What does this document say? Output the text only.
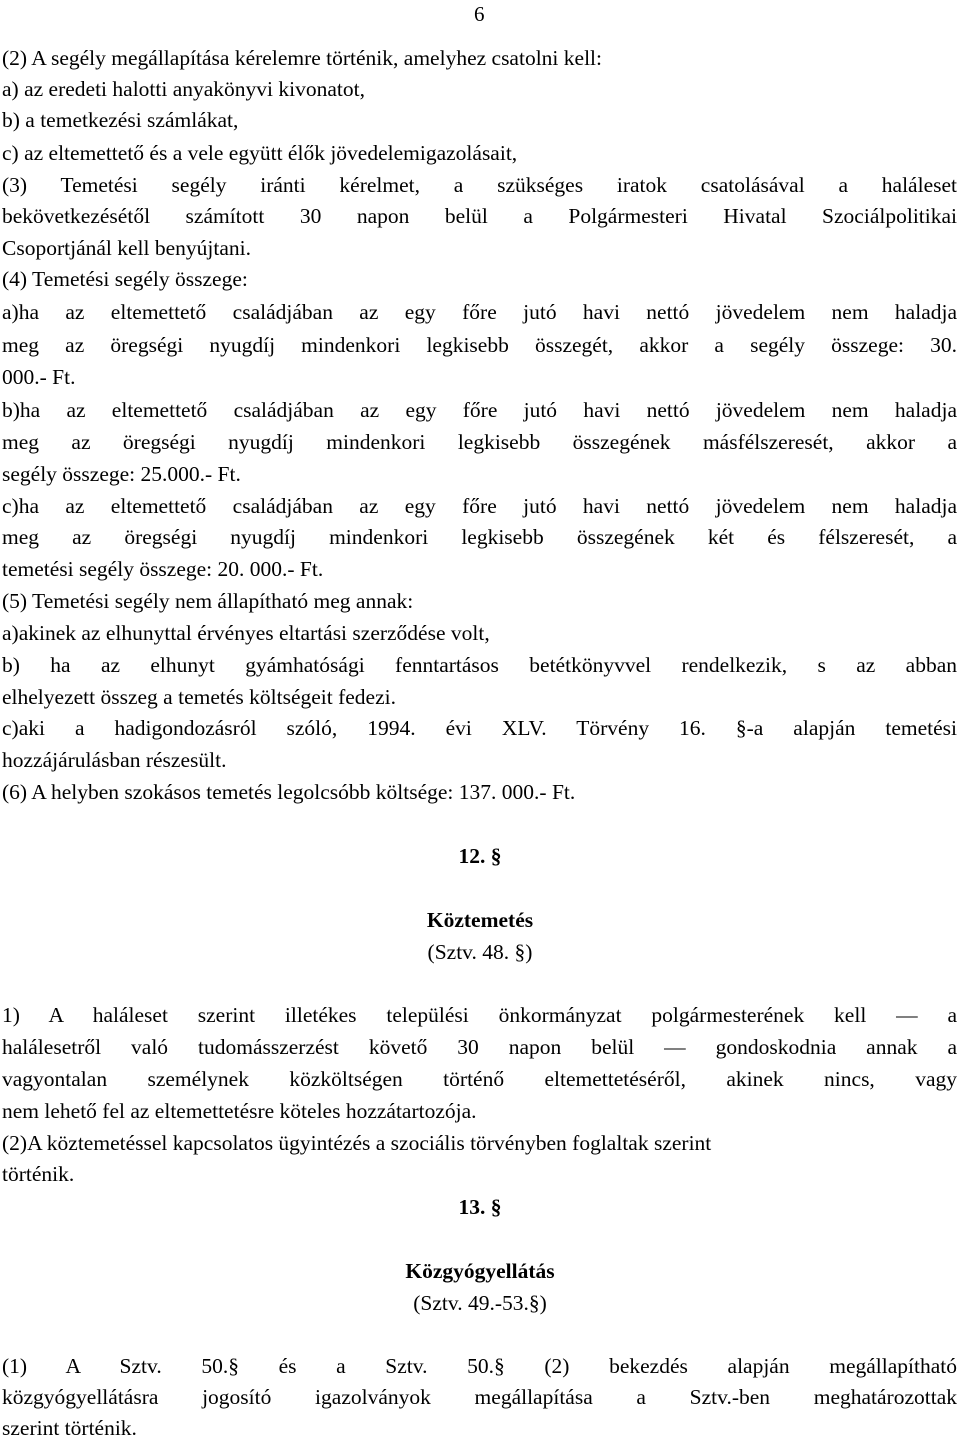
6
(2) A segély megállapítása kérelemre történik, amelyhez csatolni kell:
a) az eredeti halotti anyakönyvi kivonatot,
b) a temetkezési számlákat,
c) az eltemettető és a vele együtt élők jövedelemigazolásait,
(3) Temetési segély iránti kérelmet, a szükséges iratok csatolásával a haláleset
bekövetkezésétől számított 30 napon belül a Polgármesteri Hivatal Szociálpolitikai
Csoportjánál kell benyújtani.
(4) Temetési segély összege:
a)ha az eltemettető családjában az egy főre jutó havi nettó jövedelem nem haladja
meg az öregségi nyugdíj mindenkori legkisebb összegét, akkor a segély összege: 30.
000.- Ft.
b)ha az eltemettető családjában az egy főre jutó havi nettó jövedelem nem haladja
meg az öregségi nyugdíj mindenkori legkisebb összegének másfélszeresét, akkor a
segély összege: 25.000.- Ft.
c)ha az eltemettető családjában az egy főre jutó havi nettó jövedelem nem haladja
meg az öregségi nyugdíj mindenkori legkisebb összegének két és félszeresét, a
temetési segély összege: 20. 000.- Ft.
(5) Temetési segély nem állapítható meg annak:
a)akinek az elhunyttal érvényes eltartási szerződése volt,
b) ha az elhunyt gyámhatósági fenntartásos betétkönyvvel rendelkezik, s az abban
elhelyezett összeg a temetés költségeit fedezi.
c)aki a hadigondozásról szóló, 1994. évi XLV. Törvény 16. §-a alapján temetési
hozzájárulásban részesült.
(6) A helyben szokásos temetés legolcsóbb költsége: 137. 000.- Ft.
12. §
Köztemetés
(Sztv. 48. §)
1) A haláleset szerint illetékes települési önkormányzat polgármesterének kell — a
halálesetről való tudomásszerzést követő 30 napon belül — gondoskodnia annak a
vagyontalan személynek közköltségen történő eltemettetéséről, akinek nincs, vagy
nem lehető fel az eltemettetésre köteles hozzátartozója.
(2)A köztemetéssel kapcsolatos ügyintézés a szociális törvényben foglaltak szerint
történik.
13. §
Közgyógyellátás
(Sztv. 49.-53.§)
(1) A Sztv. 50.§ és a Sztv. 50.§ (2) bekezdés alapján megállapítható
közgyógyellátásra jogosító igazolványok megállapítása a Sztv.-ben meghatározottak
szerint történik.
